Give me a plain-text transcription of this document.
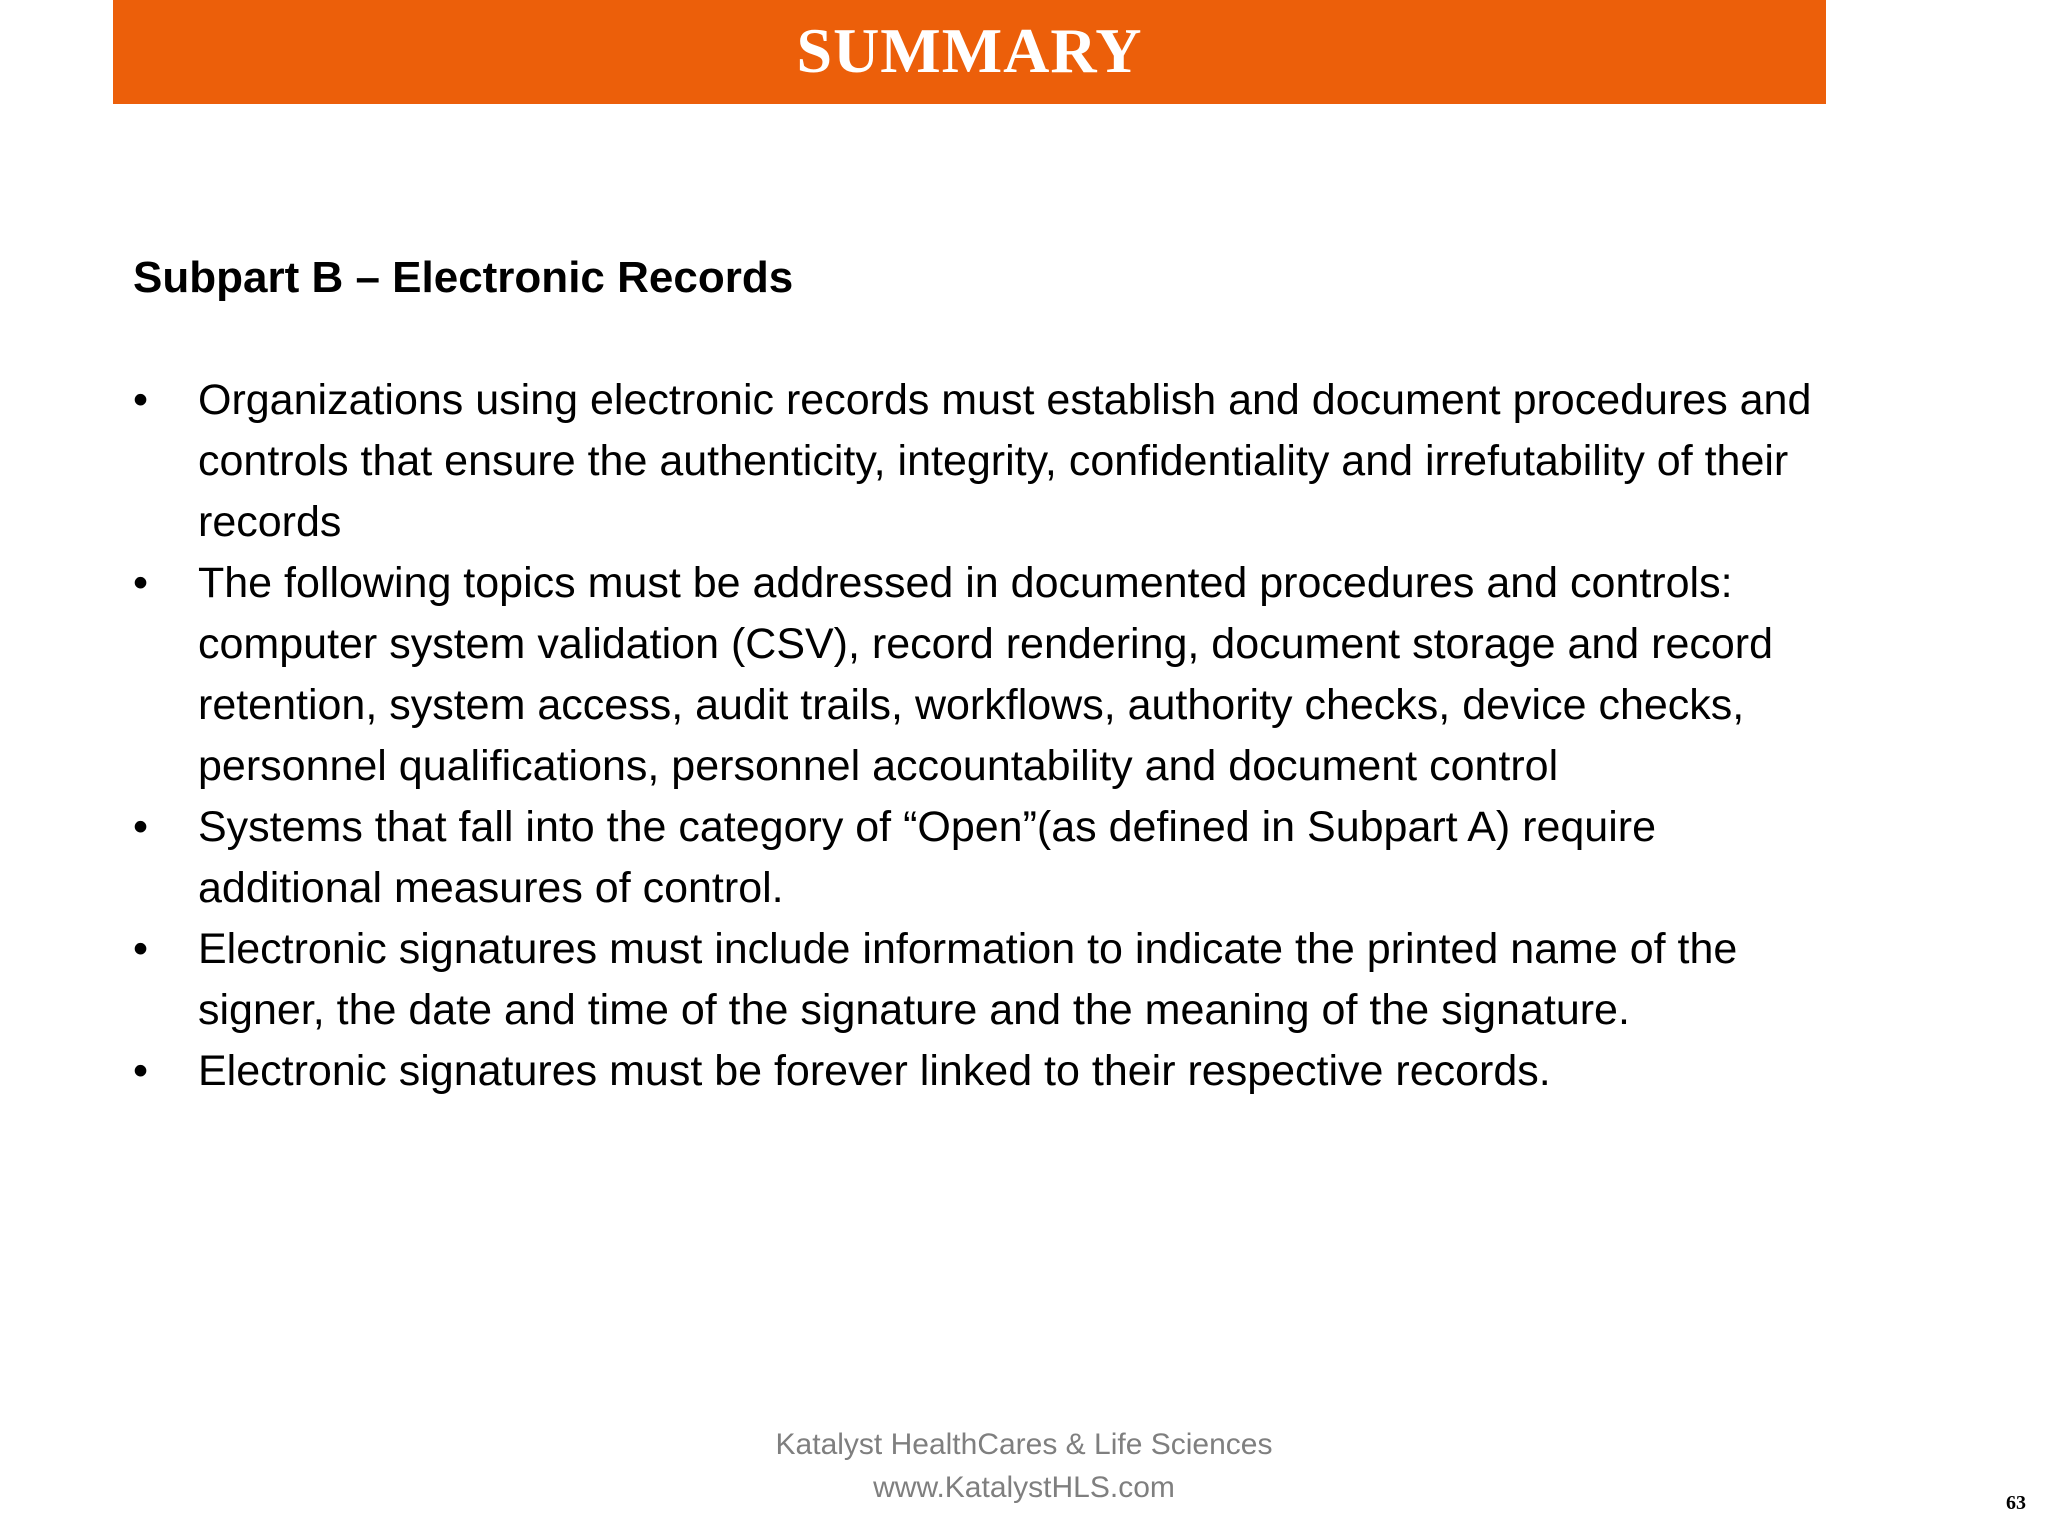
SUMMARY
Subpart B – Electronic Records
•	Organizations using electronic records must establish and document procedures and controls that ensure the authenticity, integrity, confidentiality and irrefutability of their records
•	The following topics must be addressed in documented procedures and controls: computer system validation (CSV), record rendering, document storage and record retention, system access, audit trails, workflows, authority checks, device checks, personnel qualifications, personnel accountability and document control
•	Systems that fall into the category of “Open”(as defined in Subpart A) require additional measures of control.
•	Electronic signatures must include information to indicate the printed name of the signer, the date and time of the signature and the meaning of the signature.
•	Electronic signatures must be forever linked to their respective records.
Katalyst HealthCares & Life Sciences
www.KatalystHLS.com	63
